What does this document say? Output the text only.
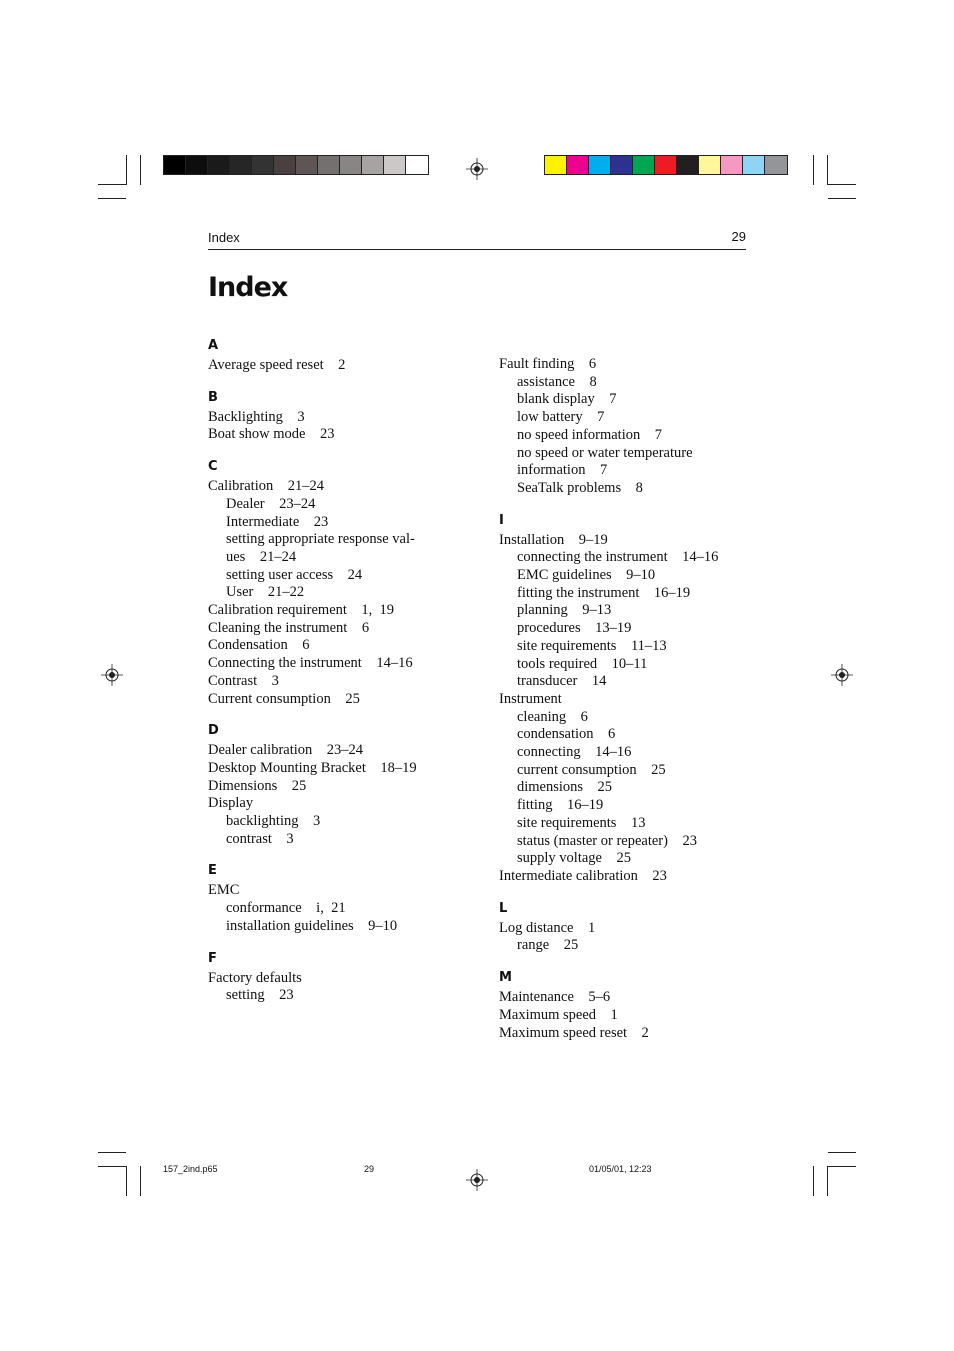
Index	29
Index
A
Average speed reset    2
B
Backlighting    3
Boat show mode    23
C
Calibration    21–24
Dealer    23–24
Intermediate    23
setting appropriate response val-
ues    21–24
setting user access    24
User    21–22
Calibration requirement    1,  19
Cleaning the instrument    6
Condensation    6
Connecting the instrument    14–16
Contrast    3
Current consumption    25
D
Dealer calibration    23–24
Desktop Mounting Bracket    18–19
Dimensions    25
Display
backlighting    3
contrast    3
E
EMC
conformance    i,  21
installation guidelines    9–10
F
Factory defaults
setting    23
Fault finding    6
assistance    8
blank display    7
low battery    7
no speed information    7
no speed or water temperature
information    7
SeaTalk problems    8
I
Installation    9–19
connecting the instrument    14–16
EMC guidelines    9–10
fitting the instrument    16–19
planning    9–13
procedures    13–19
site requirements    11–13
tools required    10–11
transducer    14
Instrument
cleaning    6
condensation    6
connecting    14–16
current consumption    25
dimensions    25
fitting    16–19
site requirements    13
status (master or repeater)    23
supply voltage    25
Intermediate calibration    23
L
Log distance    1
range    25
M
Maintenance    5–6
Maximum speed    1
Maximum speed reset    2
157_2ind.p65	29	01/05/01, 12:23
